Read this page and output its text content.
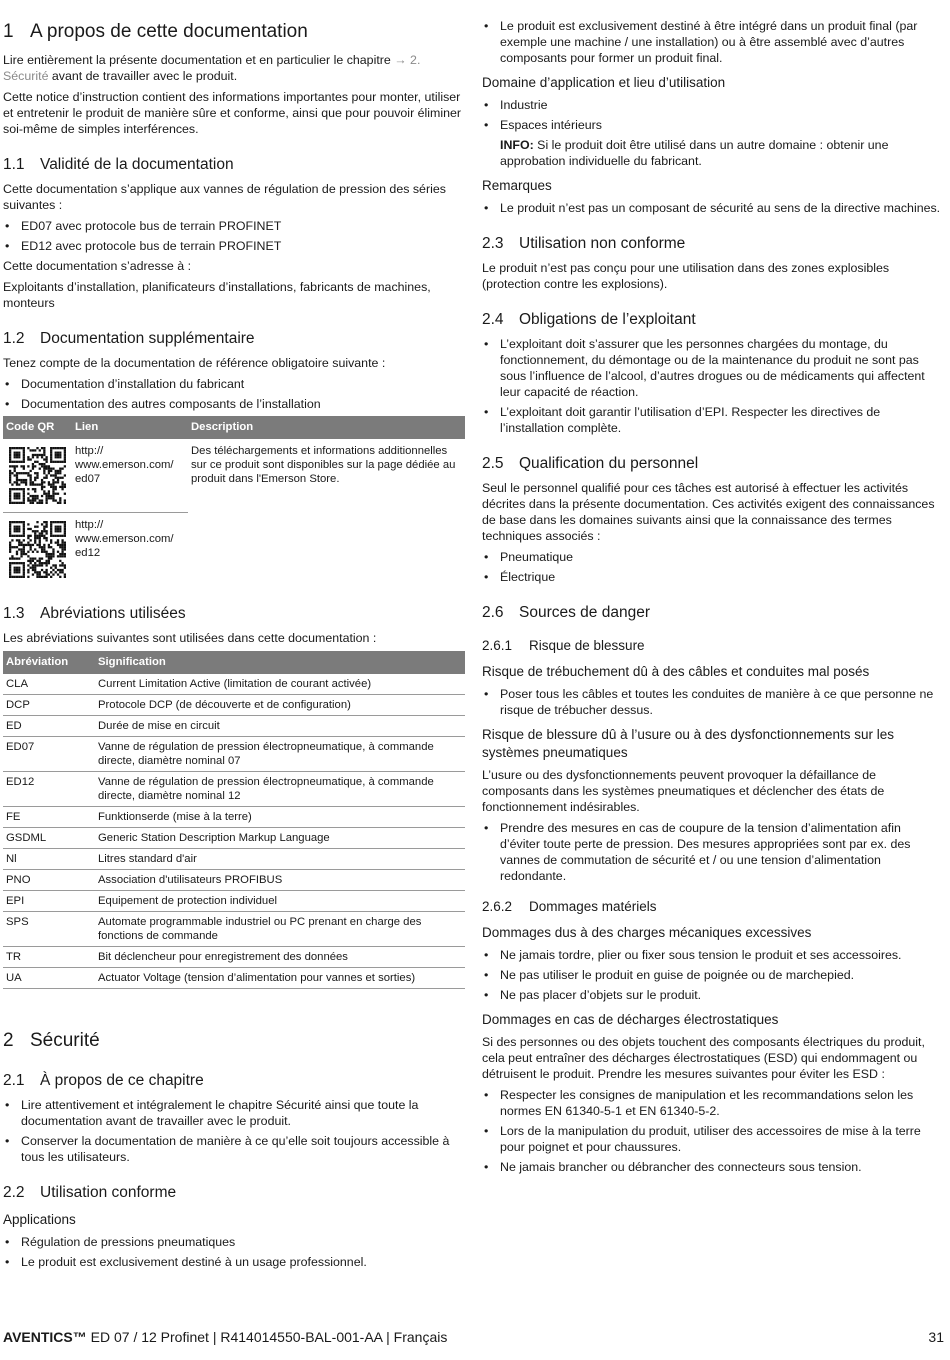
1 A propos de cette documentation

Lire entièrement la présente documentation et en particulier le chapitre → 2. Sécurité avant de travailler avec le produit.

Cette notice d’instruction contient des informations importantes pour monter, utiliser et entretenir le produit de manière sûre et conforme, ainsi que pour pouvoir éliminer soi-même de simples interférences.

1.1 Validité de la documentation

Cette documentation s’applique aux vannes de régulation de pression des séries suivantes :

• ED07 avec protocole bus de terrain PROFINET
• ED12 avec protocole bus de terrain PROFINET

Cette documentation s’adresse à :

Exploitants d’installation, planificateurs d’installations, fabricants de machines, monteurs

1.2 Documentation supplémentaire

Tenez compte de la documentation de référence obligatoire suivante :

• Documentation d’installation du fabricant
• Documentation des autres composants de l’installation
Code QR	Lien	Description

	http:// www.emerson.com/ ed07	Des téléchargements et informations additionnelles sur ce produit sont disponibles sur la page dédiée au produit dans l'Emerson Store.

	http:// www.emerson.com/ ed12	
1.3 Abréviations utilisées

Les abréviations suivantes sont utilisées dans cette documentation :

Abréviation	Signification
CLA	Current Limitation Active (limitation de courant activée)
DCP	Protocole DCP (de découverte et de configuration)
ED	Durée de mise en circuit
ED07	Vanne de régulation de pression électropneumatique, à commande directe, diamètre nominal 07
ED12	Vanne de régulation de pression électropneumatique, à commande directe, diamètre nominal 12
FE	Funktionserde (mise à la terre)
GSDML	Generic Station Description Markup Language
Nl	Litres standard d'air
PNO	Association d'utilisateurs PROFIBUS
EPI	Equipement de protection individuel
SPS	Automate programmable industriel ou PC prenant en charge des fonctions de commande
TR	Bit déclencheur pour enregistrement des données
UA	Actuator Voltage (tension d’alimentation pour vannes et sorties)
2 Sécurité
2.1 À propos de ce chapitre
• Lire attentivement et intégralement le chapitre Sécurité ainsi que toute la documentation avant de travailler avec le produit.
• Conserver la documentation de manière à ce qu’elle soit toujours accessible à tous les utilisateurs.
2.2 Utilisation conforme
Applications
• Régulation de pressions pneumatiques
• Le produit est exclusivement destiné à un usage professionnel.
• Le produit est exclusivement destiné à être intégré dans un produit final (par exemple une machine / une installation) ou à être assemblé avec d’autres composants pour former un produit final.
Domaine d’application et lieu d’utilisation
• Industrie
• Espaces intérieurs

INFO: Si le produit doit être utilisé dans un autre domaine : obtenir une approbation individuelle du fabricant.

Remarques
• Le produit n’est pas un composant de sécurité au sens de la directive machines.
2.3 Utilisation non conforme

Le produit n’est pas conçu pour une utilisation dans des zones explosibles (protection contre les explosions).

2.4 Obligations de l’exploitant
• L’exploitant doit s’assurer que les personnes chargées du montage, du fonctionnement, du démontage ou de la maintenance du produit ne sont pas sous l’influence de l’alcool, d’autres drogues ou de médicaments qui affectent leur capacité de réaction.
• L’exploitant doit garantir l’utilisation d’EPI. Respecter les directives de l’installation complète.
2.5 Qualification du personnel

Seul le personnel qualifié pour ces tâches est autorisé à effectuer les activités décrites dans la présente documentation. Ces activités exigent des connaissances de base dans les domaines suivants ainsi que la connaissance des termes techniques associés :

• Pneumatique
• Électrique
2.6 Sources de danger
2.6.1 Risque de blessure
Risque de trébuchement dû à des câbles et conduites mal posés
• Poser tous les câbles et toutes les conduites de manière à ce que personne ne risque de trébucher dessus.
Risque de blessure dû à l’usure ou à des dysfonctionnements sur les systèmes pneumatiques

L’usure ou des dysfonctionnements peuvent provoquer la défaillance de composants dans les systèmes pneumatiques et déclencher des états de fonctionnement indésirables.

• Prendre des mesures en cas de coupure de la tension d’alimentation afin d’éviter toute perte de pression. Des mesures appropriées sont par ex. des vannes de commutation de sécurité et / ou une tension d’alimentation redondante.
2.6.2 Dommages matériels
Dommages dus à des charges mécaniques excessives
• Ne jamais tordre, plier ou fixer sous tension le produit et ses accessoires.
• Ne pas utiliser le produit en guise de poignée ou de marchepied.
• Ne pas placer d’objets sur le produit.
Dommages en cas de décharges électrostatiques

Si des personnes ou des objets touchent des composants électriques du produit, cela peut entraîner des décharges électrostatiques (ESD) qui endommagent ou détruisent le produit. Prendre les mesures suivantes pour éviter les ESD :

• Respecter les consignes de manipulation et les recommandations selon les normes EN 61340-5-1 et EN 61340-5-2.
• Lors de la manipulation du produit, utiliser des accessoires de mise à la terre pour poignet et pour chaussures.
• Ne jamais brancher ou débrancher des connecteurs sous tension.
AVENTICS™ ED 07 / 12 Profinet | R414014550-BAL-001-AA | Français	31
